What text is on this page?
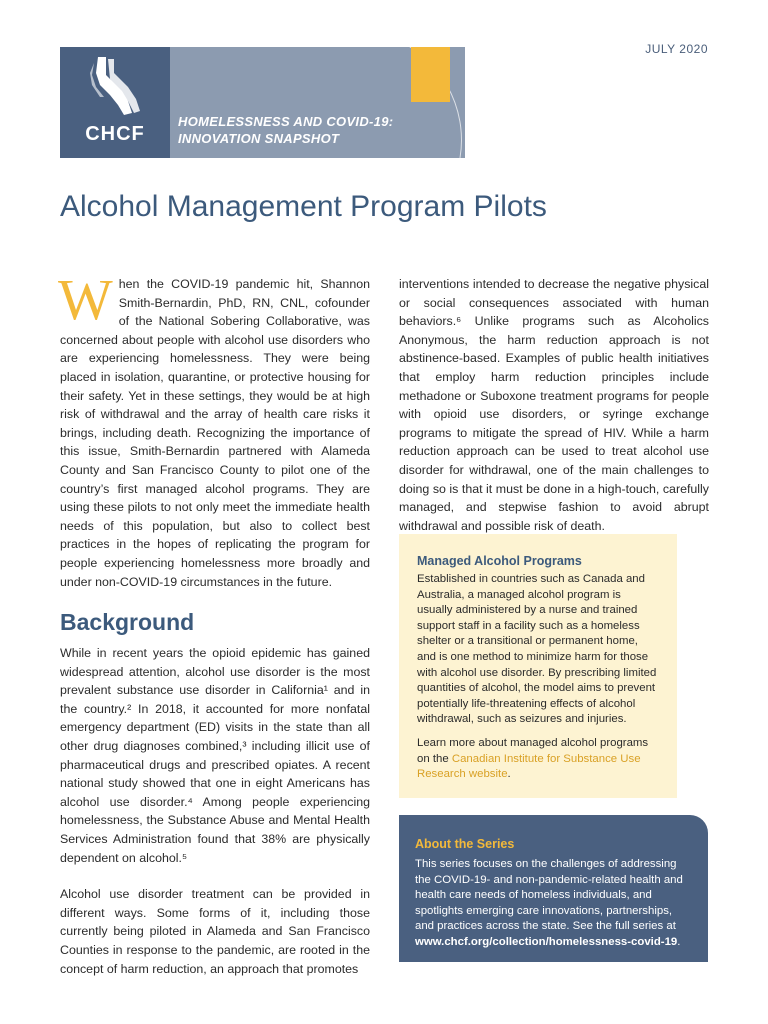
JULY 2020
CHCF
HOMELESSNESS AND COVID-19:
INNOVATION SNAPSHOT
Alcohol Management Program Pilots

When the COVID-19 pandemic hit, Shannon Smith-Bernardin, PhD, RN, CNL, cofounder of the National Sobering Collaborative, was concerned about people with alcohol use disorders who are experiencing homelessness. They were being placed in isolation, quarantine, or protective housing for their safety. Yet in these settings, they would be at high risk of withdrawal and the array of health care risks it brings, including death. Recognizing the importance of this issue, Smith-Bernardin partnered with Alameda County and San Francisco County to pilot one of the country’s first managed alcohol programs. They are using these pilots to not only meet the immediate health needs of this population, but also to collect best practices in the hopes of replicating the program for people experiencing homelessness more broadly and under non-COVID-19 circumstances in the future.

Background

While in recent years the opioid epidemic has gained widespread attention, alcohol use disorder is the most prevalent substance use disorder in California¹ and in the country.² In 2018, it accounted for more nonfatal emergency department (ED) visits in the state than all other drug diagnoses combined,³ including illicit use of pharmaceutical drugs and prescribed opiates. A recent national study showed that one in eight Americans has alcohol use disorder.⁴ Among people experiencing homelessness, the Substance Abuse and Mental Health Services Administration found that 38% are physically dependent on alcohol.⁵

Alcohol use disorder treatment can be provided in different ways. Some forms of it, including those currently being piloted in Alameda and San Francisco Counties in response to the pandemic, are rooted in the concept of harm reduction, an approach that promotes

interventions intended to decrease the negative physical or social consequences associated with human behaviors.⁶ Unlike programs such as Alcoholics Anonymous, the harm reduction approach is not abstinence-based. Examples of public health initiatives that employ harm reduction principles include methadone or Suboxone treatment programs for people with opioid use disorders, or syringe exchange programs to mitigate the spread of HIV. While a harm reduction approach can be used to treat alcohol use disorder for withdrawal, one of the main challenges to doing so is that it must be done in a high-touch, carefully managed, and stepwise fashion to avoid abrupt withdrawal and possible risk of death.

Managed Alcohol Programs

Established in countries such as Canada and Australia, a managed alcohol program is usually administered by a nurse and trained support staff in a facility such as a homeless shelter or a transitional or permanent home, and is one method to minimize harm for those with alcohol use disorder. By prescribing limited quantities of alcohol, the model aims to prevent potentially life-threatening effects of alcohol withdrawal, such as seizures and injuries.

Learn more about managed alcohol programs on the Canadian Institute for Substance Use Research website.

About the Series

This series focuses on the challenges of addressing the COVID-19- and non-pandemic-related health and health care needs of homeless individuals, and spotlights emerging care innovations, partnerships, and practices across the state. See the full series at www.chcf.org/collection/homelessness-covid-19.
